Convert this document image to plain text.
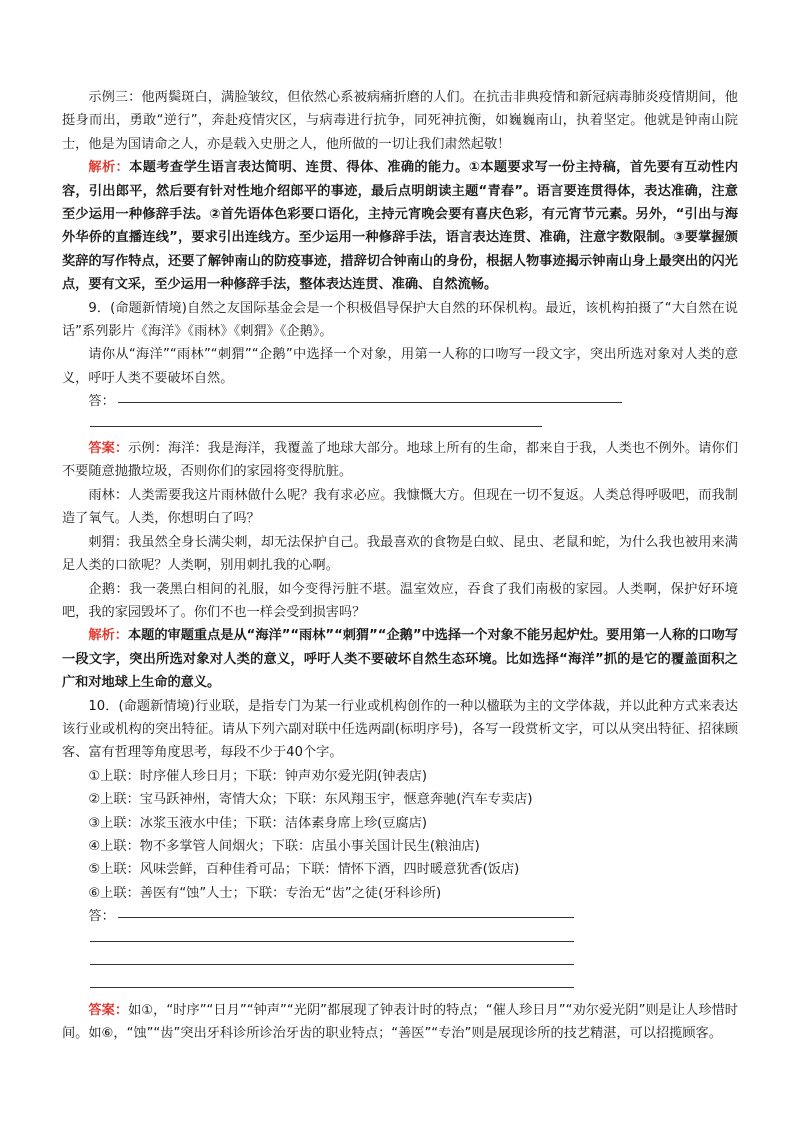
示例三：他两鬓斑白，满脸皱纹，但依然心系被病痛折磨的人们。在抗击非典疫情和新冠病毒肺炎疫情期间，他挺身而出，勇敢“逆行”，奔赴疫情灾区，与病毒进行抗争，同死神抗衡，如巍巍南山，执着坚定。他就是钟南山院士，他是为国请命之人，亦是载入史册之人，他所做的一切让我们肃然起敬！

解析：本题考查学生语言表达简明、连贯、得体、准确的能力。①本题要求写一份主持稿，首先要有互动性内容，引出郎平，然后要有针对性地介绍郎平的事迹，最后点明朗读主题“青春”。语言要连贯得体，表达准确，注意至少运用一种修辞手法。②首先语体色彩要口语化，主持元宵晚会要有喜庆色彩，有元宵节元素。另外，“引出与海外华侨的直播连线”，要求引出连线方。至少运用一种修辞手法，语言表达连贯、准确，注意字数限制。③要掌握颁奖辞的写作特点，还要了解钟南山的防疫事迹，措辞切合钟南山的身份，根据人物事迹揭示钟南山身上最突出的闪光点，要有文采，至少运用一种修辞手法，整体表达连贯、准确、自然流畅。

9．(命题新情境)自然之友国际基金会是一个积极倡导保护大自然的环保机构。最近，该机构拍摄了“大自然在说话”系列影片《海洋》《雨林》《刺猬》《企鹅》。

请你从“海洋”“雨林”“刺猬”“企鹅”中选择一个对象，用第一人称的口吻写一段文字，突出所选对象对人类的意义，呼吁人类不要破坏自然。

答：

答案：示例：海洋：我是海洋，我覆盖了地球大部分。地球上所有的生命，都来自于我，人类也不例外。请你们不要随意抛撒垃圾，否则你们的家园将变得肮脏。

雨林：人类需要我这片雨林做什么呢？我有求必应。我慷慨大方。但现在一切不复返。人类总得呼吸吧，而我制造了氧气。人类，你想明白了吗？

刺猬：我虽然全身长满尖刺，却无法保护自己。我最喜欢的食物是白蚁、昆虫、老鼠和蛇，为什么我也被用来满足人类的口欲呢？人类啊，别用刺扎我的心啊。

企鹅：我一袭黑白相间的礼服，如今变得污脏不堪。温室效应，吞食了我们南极的家园。人类啊，保护好环境吧，我的家园毁坏了。你们不也一样会受到损害吗？

解析：本题的审题重点是从“海洋”“雨林”“刺猬”“企鹅”中选择一个对象不能另起炉灶。要用第一人称的口吻写一段文字，突出所选对象对人类的意义，呼吁人类不要破坏自然生态环境。比如选择“海洋”抓的是它的覆盖面积之广和对地球上生命的意义。

10．(命题新情境)行业联，是指专门为某一行业或机构创作的一种以楹联为主的文学体裁，并以此种方式来表达该行业或机构的突出特征。请从下列六副对联中任选两副(标明序号)，各写一段赏析文字，可以从突出特征、招徕顾客、富有哲理等角度思考，每段不少于40个字。

①上联：时序催人珍日月；下联：钟声劝尔爱光阴(钟表店)

②上联：宝马跃神州，寄情大众；下联：东风翔玉宇，惬意奔驰(汽车专卖店)

③上联：冰浆玉液水中佳；下联：洁体素身席上珍(豆腐店)

④上联：物不多掌管人间烟火；下联：店虽小事关国计民生(粮油店)

⑤上联：风味尝鲜，百种佳肴可品；下联：情怀下酒，四时暖意犹香(饭店)

⑥上联：善医有“蚀”人士；下联：专治无“齿”之徒(牙科诊所)

答：

答案：如①，“时序”“日月”“钟声”“光阴”都展现了钟表计时的特点；“催人珍日月”“劝尔爱光阴”则是让人珍惜时间。如⑥，“蚀”“齿”突出牙科诊所诊治牙齿的职业特点；“善医”“专治”则是展现诊所的技艺精湛，可以招揽顾客。
